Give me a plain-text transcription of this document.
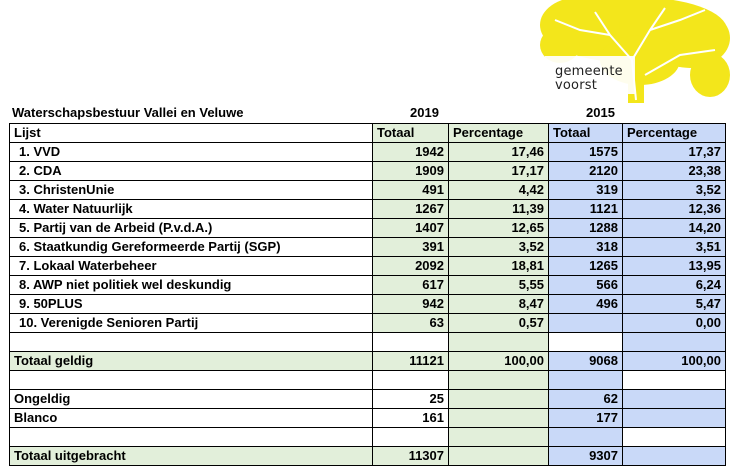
gemeente
voorst
Waterschapsbestuur Vallei en Veluwe	2019	2015
Lijst	Totaal	Percentage	Totaal	Percentage
1. VVD	1942	17,46	1575	17,37
2. CDA	1909	17,17	2120	23,38
3. ChristenUnie	491	4,42	319	3,52
4. Water Natuurlijk	1267	11,39	1121	12,36
5. Partij van de Arbeid (P.v.d.A.)	1407	12,65	1288	14,20
6. Staatkundig Gereformeerde Partij (SGP)	391	3,52	318	3,51
7. Lokaal Waterbeheer	2092	18,81	1265	13,95
8. AWP niet politiek wel deskundig	617	5,55	566	6,24
9. 50PLUS	942	8,47	496	5,47
10. Verenigde Senioren Partij	63	0,57		0,00

Totaal geldig	11121	100,00	9068	100,00

Ongeldig	25		62	
Blanco	161		177	

Totaal uitgebracht	11307		9307	
